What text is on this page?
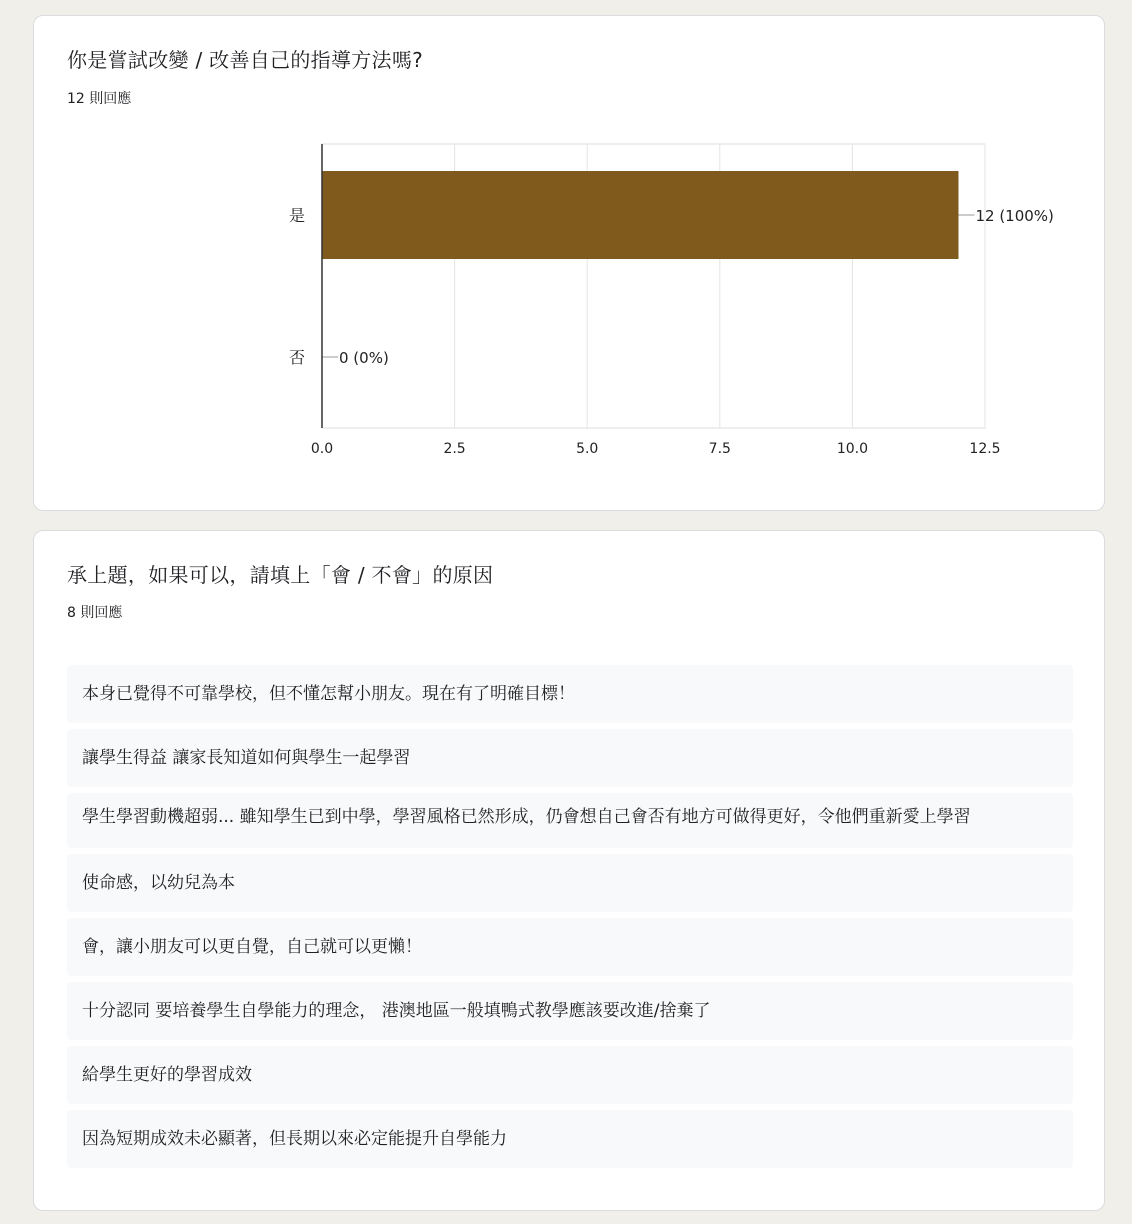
你是嘗試改變 / 改善自己的指導方法嗎?
12 則回應
0.0	2.5	5.0	7.5	10.0	12.5
是	12 (100%)
否 0 (0%)
承上題，如果可以，請填上「會 / 不會」的原因
8 則回應
本身已覺得不可靠學校，但不懂怎幫小朋友。現在有了明確目標！
讓學生得益 讓家長知道如何與學生一起學習
學生學習動機超弱... 雖知學生已到中學，學習風格已然形成，仍會想自己會否有地方可做得更好，令他們重新愛上學習
使命感，以幼兒為本
會，讓小朋友可以更自覺，自己就可以更懶！
十分認同 要培養學生自學能力的理念， 港澳地區一般填鴨式教學應該要改進/捨棄了
給學生更好的學習成效
因為短期成效未必顯著，但長期以來必定能提升自學能力
